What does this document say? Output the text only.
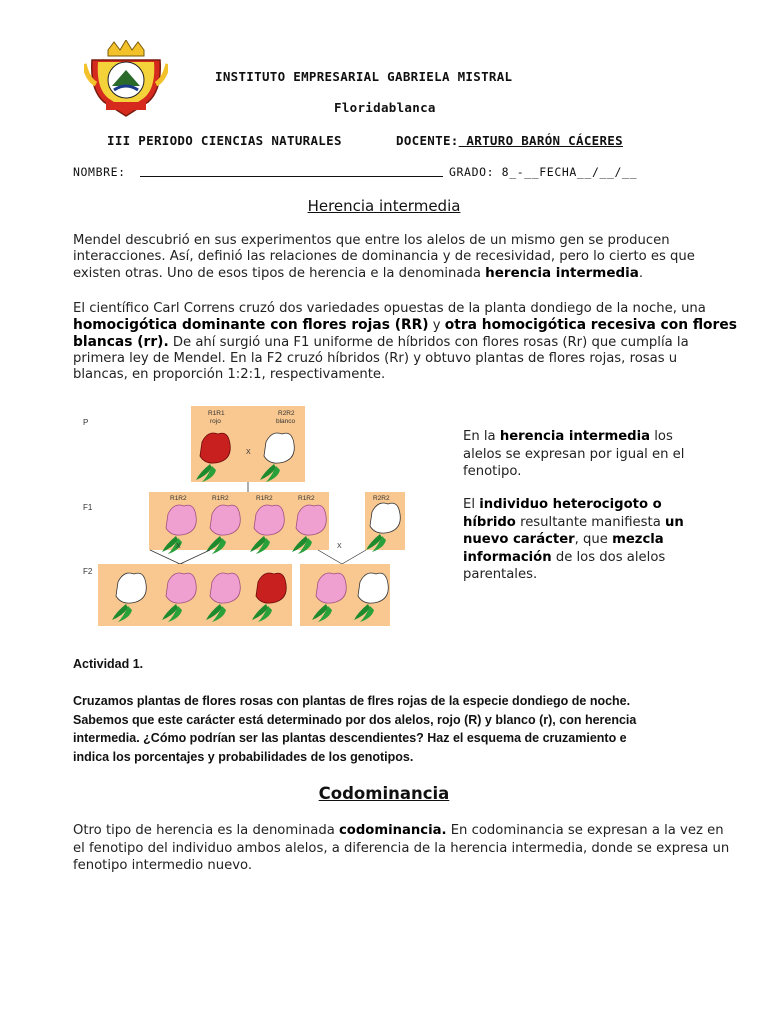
INSTITUTO EMPRESARIAL GABRIELA MISTRAL
Floridablanca
III PERIODO CIENCIAS NATURALES	DOCENTE: ARTURO BARÓN CÁCERES
NOMBRE:	GRADO: 8_-__FECHA__/__/__
Herencia intermedia
Mendel descubrió en sus experimentos que entre los alelos de un mismo gen se producen
interacciones. Así, definió las relaciones de dominancia y de recesividad, pero lo cierto es que
existen otras. Uno de esos tipos de herencia e la denominada herencia intermedia.
El científico Carl Correns cruzó dos variedades opuestas de la planta dondiego de la noche, una
homocigótica dominante con flores rojas (RR) y otra homocigótica recesiva con flores
blancas (rr). De ahí surgió una F1 uniforme de híbridos con flores rosas (Rr) que cumplía la
primera ley de Mendel. En la F2 cruzó híbridos (Rr) y obtuvo plantas de flores rojas, rosas u
blancas, en proporción 1:2:1, respectivamente.
P
F1
F2
R1R1
rojo
R2R2
blanco
X
R1R2	R1R2	R1R2	R1R2	R2R2
X	X
En la herencia intermedia los
alelos se expresan por igual en el
fenotipo.
El individuo heterocigoto o
híbrido resultante manifiesta un
nuevo carácter, que mezcla
información de los dos alelos
parentales.
Actividad 1.
Cruzamos plantas de flores rosas con plantas de flres rojas de la especie dondiego de noche.
Sabemos que este carácter está determinado por dos alelos, rojo (R) y blanco (r), con herencia
intermedia. ¿Cómo podrían ser las plantas descendientes? Haz el esquema de cruzamiento e
indica los porcentajes y probabilidades de los genotipos.
Codominancia
Otro tipo de herencia es la denominada codominancia. En codominancia se expresan a la vez en
el fenotipo del individuo ambos alelos, a diferencia de la herencia intermedia, donde se expresa un
fenotipo intermedio nuevo.
